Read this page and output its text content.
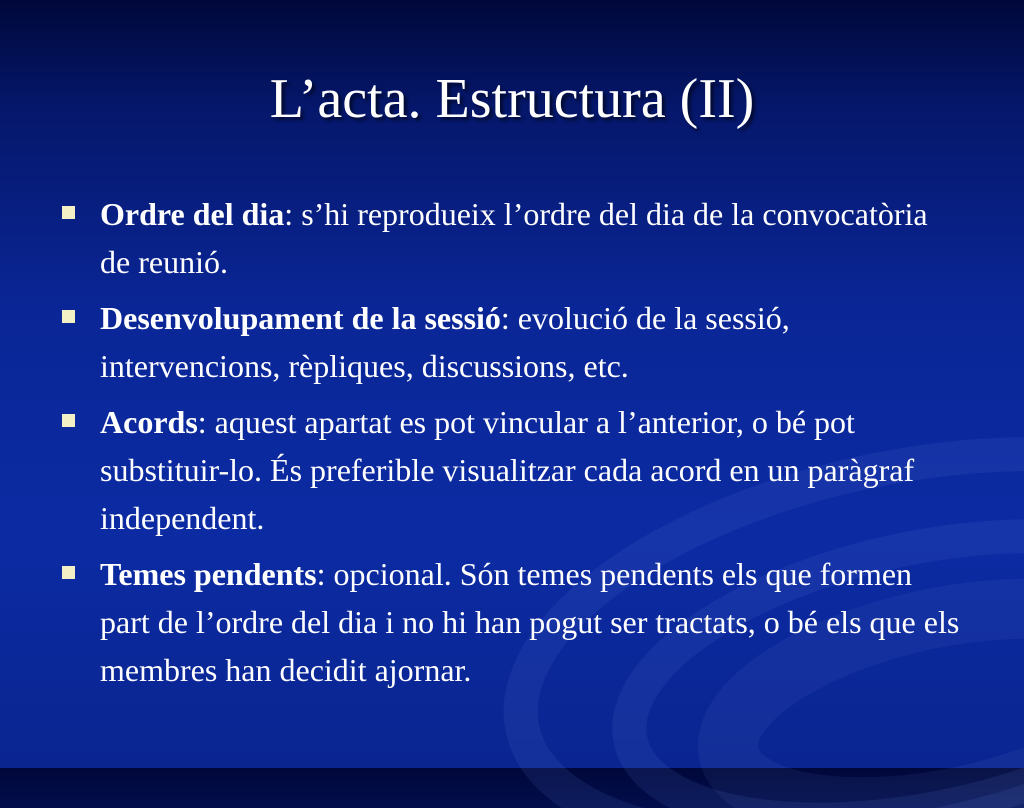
L’acta. Estructura (II)
Ordre del dia: s’hi reprodueix l’ordre del dia de la convocatòria de reunió.
Desenvolupament de la sessió: evolució de la sessió, intervencions, rèpliques, discussions, etc.
Acords: aquest apartat es pot vincular a l’anterior, o bé pot substituir-lo. És preferible visualitzar cada acord en un paràgraf independent.
Temes pendents: opcional. Són temes pendents els que formen part de l’ordre del dia i no hi han pogut ser tractats, o bé els que els membres han decidit ajornar.
